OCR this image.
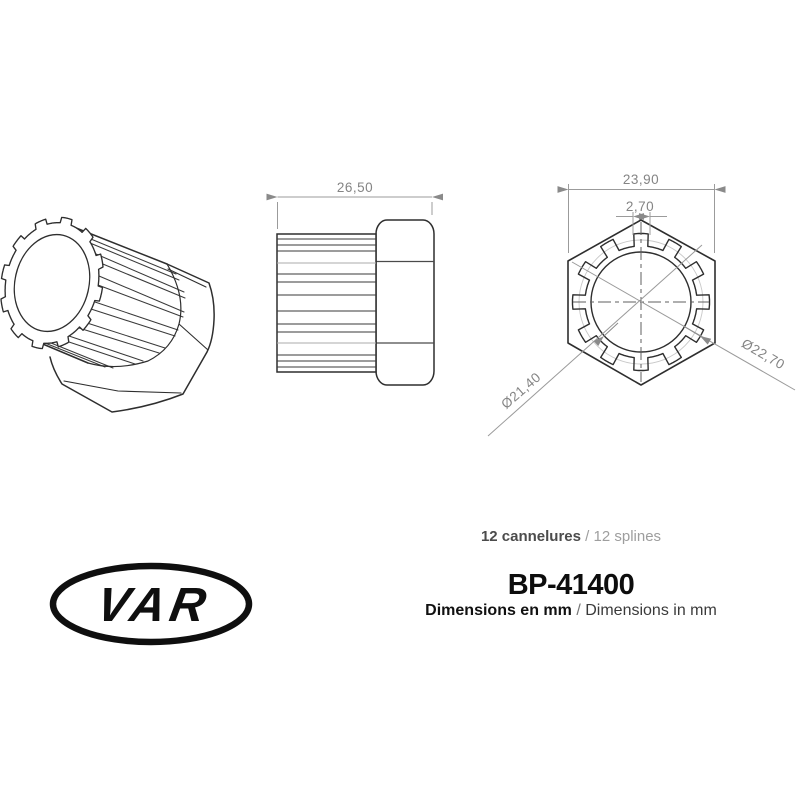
26,50
23,90
2,70
Ø21,40
Ø22,70
12 cannelures / 12 splines
BP-41400
Dimensions en mm / Dimensions in mm
VAR
